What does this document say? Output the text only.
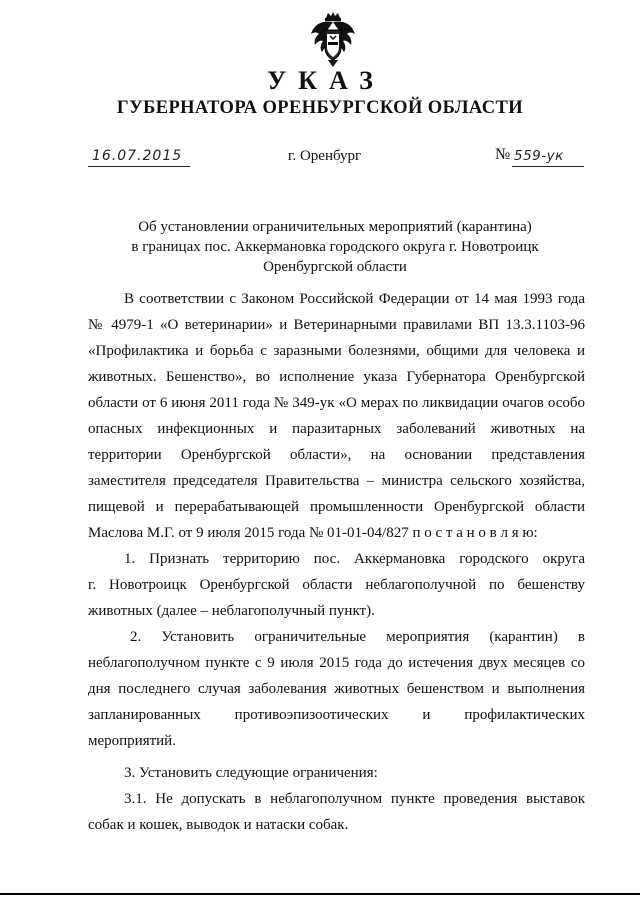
УКАЗ
ГУБЕРНАТОРА ОРЕНБУРГСКОЙ ОБЛАСТИ
16.07.2015	г. Оренбург	№ 559-ук
Об установлении ограничительных мероприятий (карантина)
в границах пос. Аккермановка городского округа г. Новотроицк
Оренбургской области
В соответствии с Законом Российской Федерации от 14 мая 1993 года
№ 4979-1 «О ветеринарии» и Ветеринарными правилами ВП 13.3.1103-96
«Профилактика и борьба с заразными болезнями, общими для человека и
животных. Бешенство», во исполнение указа Губернатора Оренбургской
области от 6 июня 2011 года № 349-ук «О мерах по ликвидации очагов особо
опасных инфекционных и паразитарных заболеваний животных на
территории Оренбургской области», на основании представления
заместителя председателя Правительства – министра сельского хозяйства,
пищевой и перерабатывающей промышленности Оренбургской области
Маслова М.Г. от 9 июля 2015 года № 01-01-04/827 п о с т а н о в л я ю:
1. Признать территорию пос. Аккермановка городского округа
г. Новотроицк Оренбургской области неблагополучной по бешенству
животных (далее – неблагополучный пункт).
2. Установить ограничительные мероприятия (карантин) в
неблагополучном пункте с 9 июля 2015 года до истечения двух месяцев со
дня последнего случая заболевания животных бешенством и выполнения
запланированных противоэпизоотических и профилактических
мероприятий.
3. Установить следующие ограничения:
3.1. Не допускать в неблагополучном пункте проведения выставок
собак и кошек, выводок и натаски собак.
